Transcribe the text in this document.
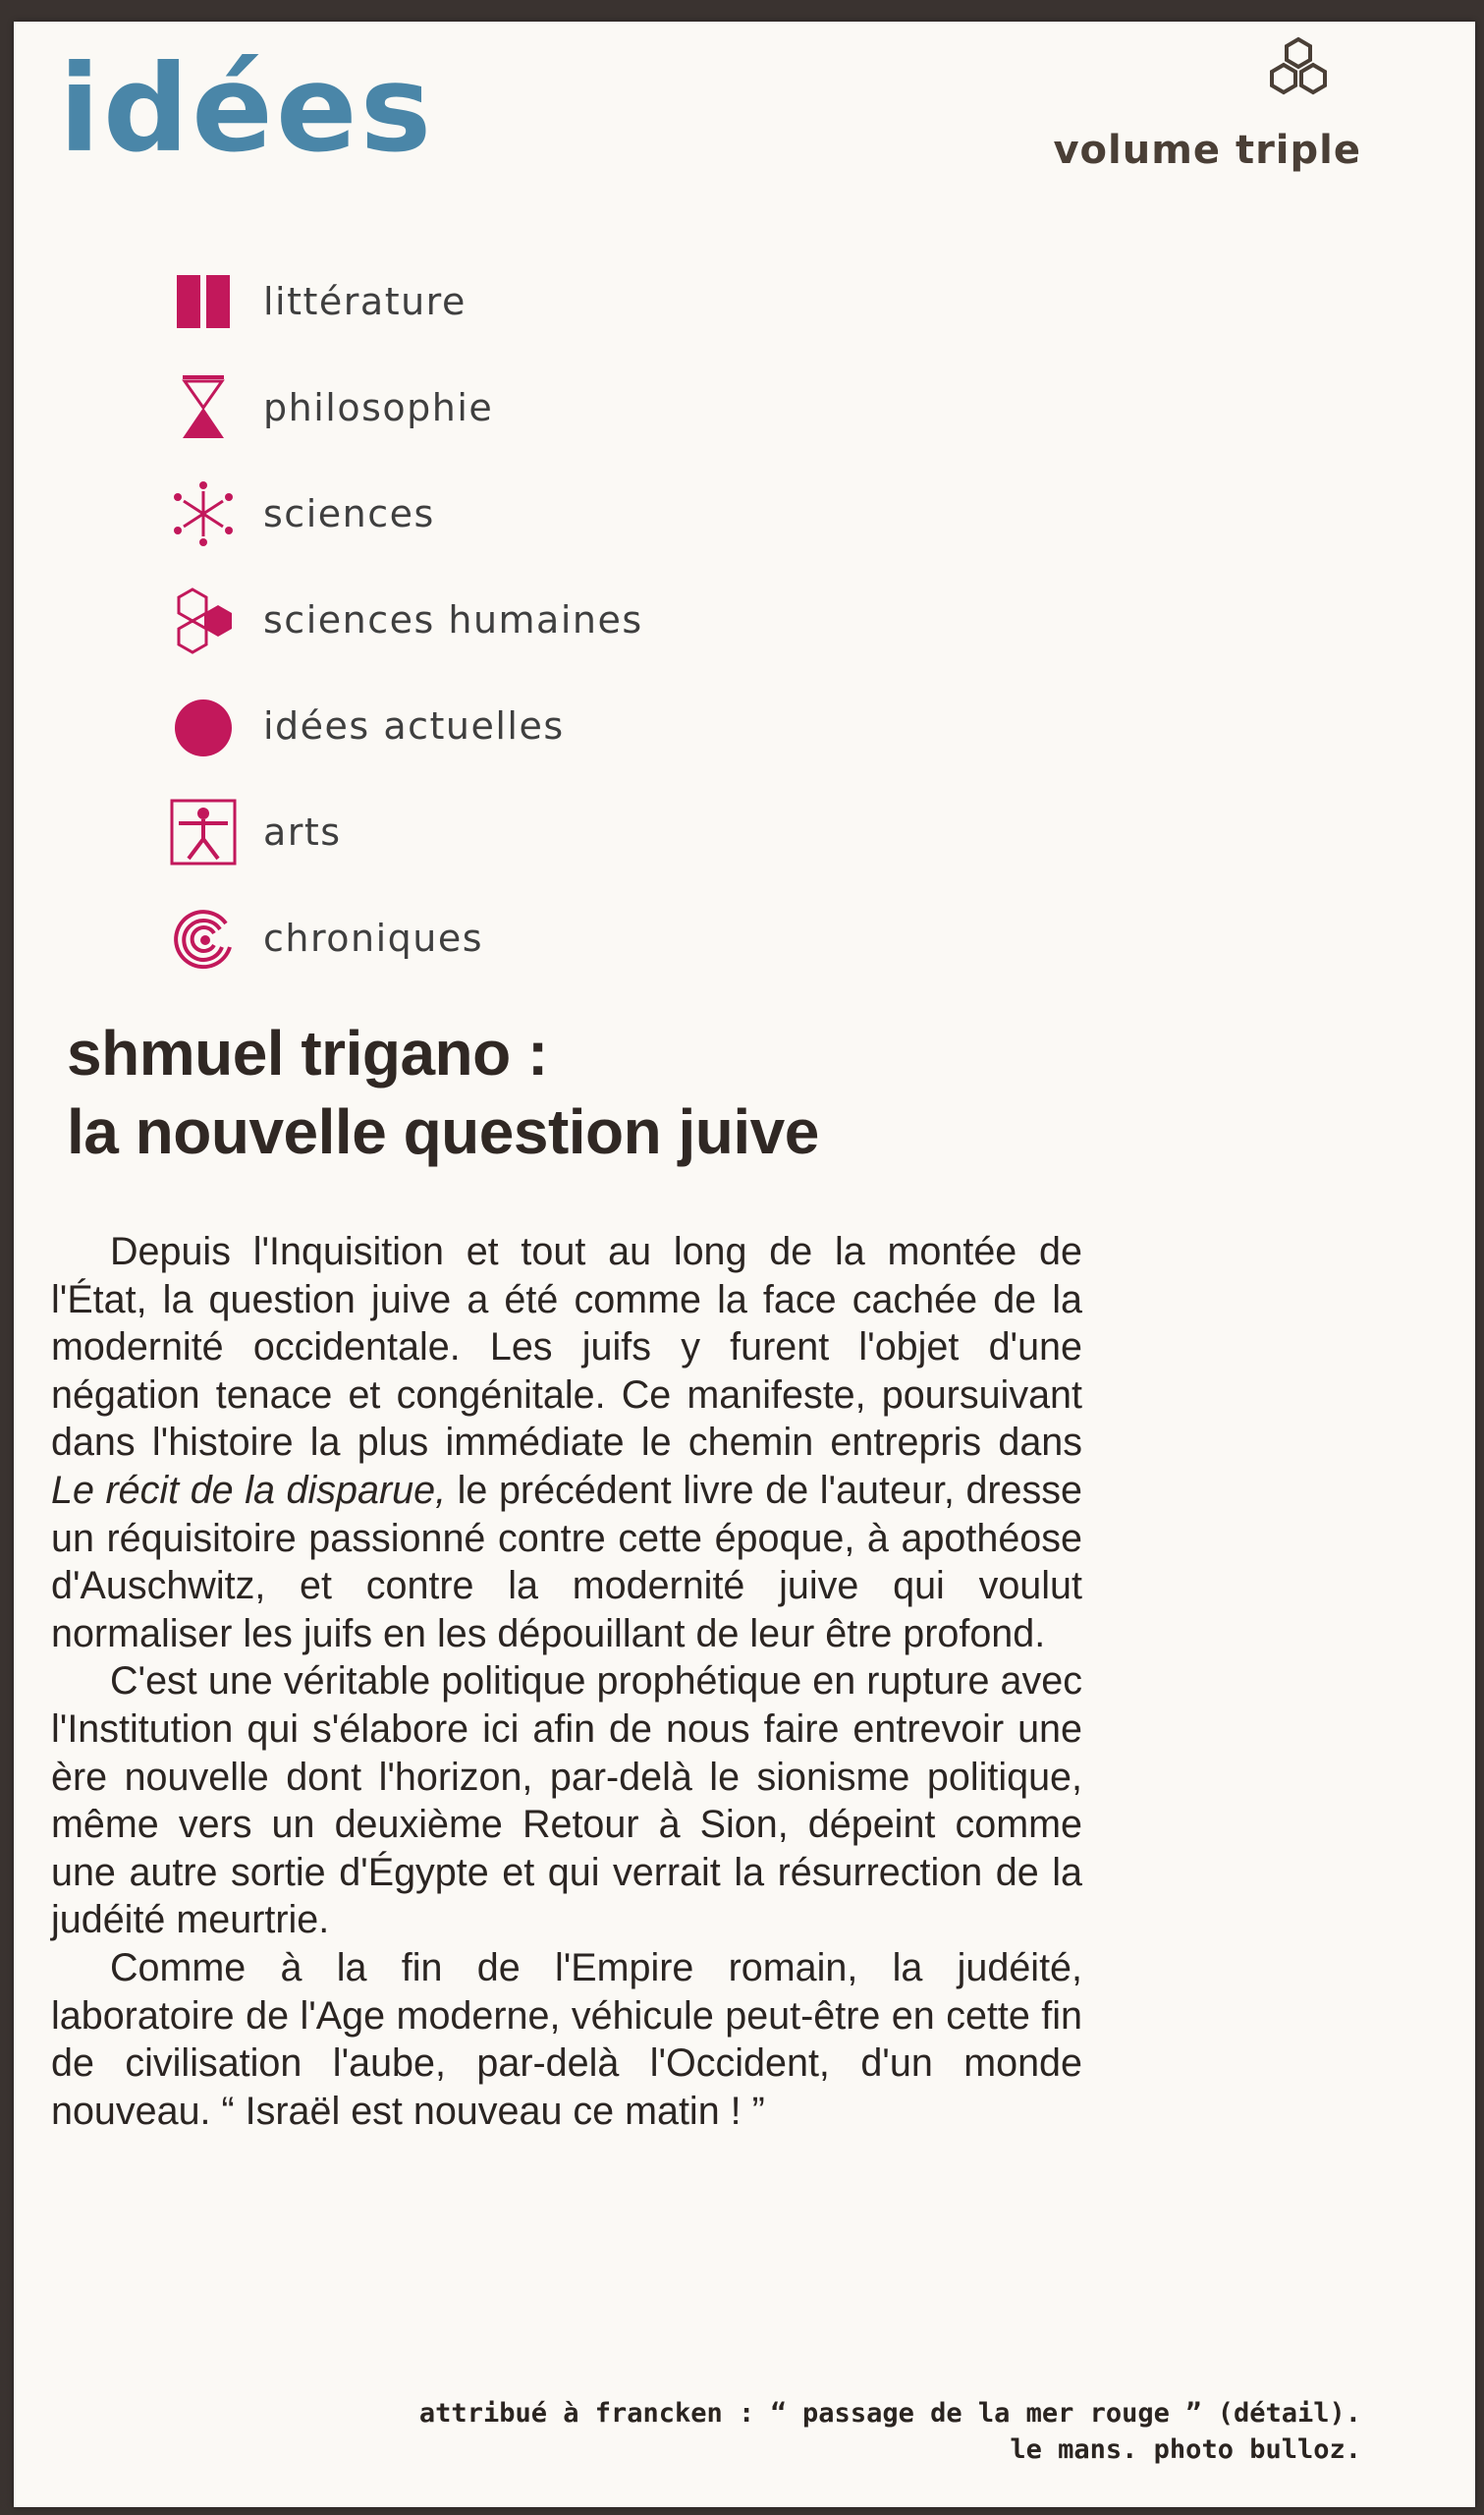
idées	volume triple
littérature
philosophie
sciences
sciences humaines
idées actuelles
arts
chroniques
shmuel trigano :
la nouvelle question juive

Depuis l'Inquisition et tout au long de la montée de l'État, la question juive a été comme la face cachée de la modernité occidentale. Les juifs y furent l'objet d'une négation tenace et congénitale. Ce manifeste, poursuivant dans l'histoire la plus immédiate le chemin entrepris dans Le récit de la disparue, le précédent livre de l'auteur, dresse un réquisitoire passionné contre cette époque, à apothéose d'Auschwitz, et contre la modernité juive qui voulut normaliser les juifs en les dépouillant de leur être profond.

C'est une véritable politique prophétique en rupture avec l'Institution qui s'élabore ici afin de nous faire entrevoir une ère nouvelle dont l'horizon, par-delà le sionisme politique, même vers un deuxième Retour à Sion, dépeint comme une autre sortie d'Égypte et qui verrait la résurrection de la judéité meurtrie.

Comme à la fin de l'Empire romain, la judéité, laboratoire de l'Age moderne, véhicule peut-être en cette fin de civilisation l'aube, par-delà l'Occident, d'un monde nouveau. “ Israël est nouveau ce matin ! ”

attribué à francken : “ passage de la mer rouge ” (détail).
le mans. photo bulloz.
